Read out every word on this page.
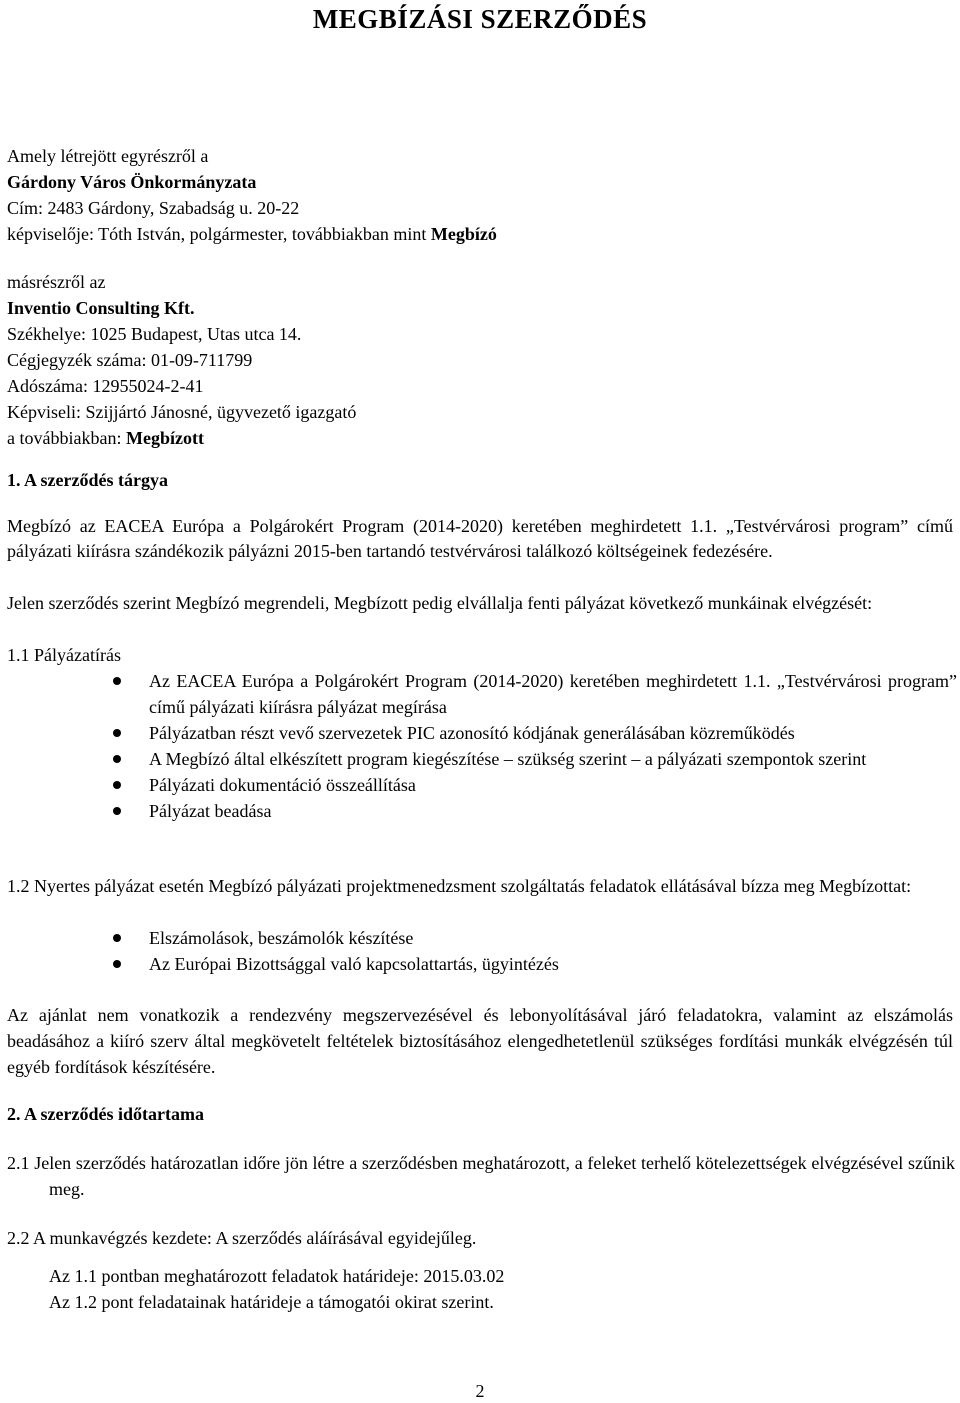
MEGBÍZÁSI SZERZŐDÉS
Amely létrejött egyrészről a
Gárdony Város Önkormányzata
Cím: 2483 Gárdony, Szabadság u. 20-22
képviselője: Tóth István, polgármester, továbbiakban mint Megbízó
másrészről az
Inventio Consulting Kft.
Székhelye: 1025 Budapest, Utas utca 14.
Cégjegyzék száma: 01-09-711799
Adószáma: 12955024-2-41
Képviseli: Szijjártó Jánosné, ügyvezető igazgató
a továbbiakban: Megbízott
1. A szerződés tárgya
Megbízó az EACEA Európa a Polgárokért Program (2014-2020) keretében meghirdetett 1.1. „Testvérvárosi program” című pályázati kiírásra szándékozik pályázni 2015-ben tartandó testvérvárosi találkozó költségeinek fedezésére.
Jelen szerződés szerint Megbízó megrendeli, Megbízott pedig elvállalja fenti pályázat következő munkáinak elvégzését:
1.1 Pályázatírás
Az EACEA Európa a Polgárokért Program (2014-2020) keretében meghirdetett 1.1. „Testvérvárosi program” című pályázati kiírásra pályázat megírása
Pályázatban részt vevő szervezetek PIC azonosító kódjának generálásában közreműködés
A Megbízó által elkészített program kiegészítése – szükség szerint – a pályázati szempontok szerint
Pályázati dokumentáció összeállítása
Pályázat beadása
1.2 Nyertes pályázat esetén Megbízó pályázati projektmenedzsment szolgáltatás feladatok ellátásával bízza meg Megbízottat:
Elszámolások, beszámolók készítése
Az Európai Bizottsággal való kapcsolattartás, ügyintézés
Az ajánlat nem vonatkozik a rendezvény megszervezésével és lebonyolításával járó feladatokra, valamint az elszámolás beadásához a kiíró szerv által megkövetelt feltételek biztosításához elengedhetetlenül szükséges fordítási munkák elvégzésén túl egyéb fordítások készítésére.
2. A szerződés időtartama
2.1 Jelen szerződés határozatlan időre jön létre a szerződésben meghatározott, a feleket terhelő kötelezettségek elvégzésével szűnik meg.
2.2 A munkavégzés kezdete: A szerződés aláírásával egyidejűleg.
Az 1.1 pontban meghatározott feladatok határideje: 2015.03.02
Az 1.2 pont feladatainak határideje a támogatói okirat szerint.
2
